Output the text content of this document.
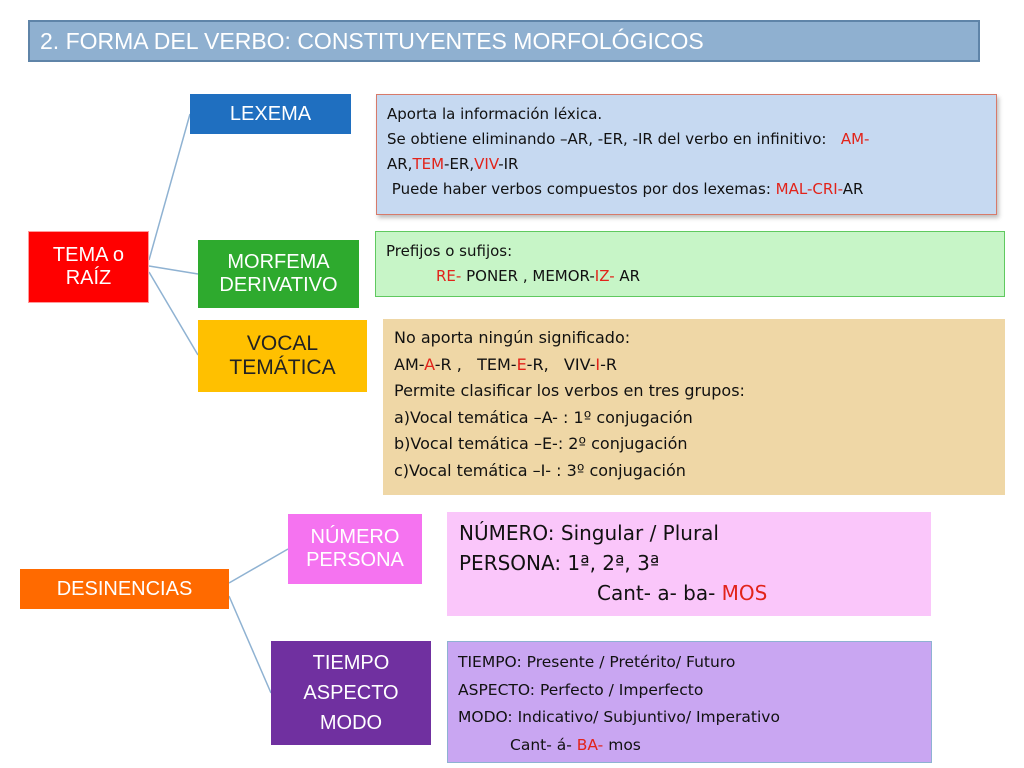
2. FORMA DEL VERBO: CONSTITUYENTES MORFOLÓGICOS
TEMA o
RAÍZ
LEXEMA
MORFEMA
DERIVATIVO
VOCAL
TEMÁTICA
DESINENCIAS
NÚMERO
PERSONA
TIEMPO
ASPECTO
MODO

Aporta la información léxica.

Se obtiene eliminando –AR, -ER, -IR del verbo en infinitivo: AM-

AR,TEM-ER,VIV-IR

Puede haber verbos compuestos por dos lexemas: MAL-CRI-AR

Prefijos o sufijos:

RE- PONER , MEMOR-IZ- AR

No aporta ningún significado:

AM-A-R , TEM-E-R, VIV-I-R

Permite clasificar los verbos en tres grupos:

a)Vocal temática –A- : 1º conjugación

b)Vocal temática –E-: 2º conjugación

c)Vocal temática –I- : 3º conjugación

NÚMERO: Singular / Plural

PERSONA: 1ª, 2ª, 3ª

Cant- a- ba- MOS

TIEMPO: Presente / Pretérito/ Futuro

ASPECTO: Perfecto / Imperfecto

MODO: Indicativo/ Subjuntivo/ Imperativo

Cant- á- BA- mos
